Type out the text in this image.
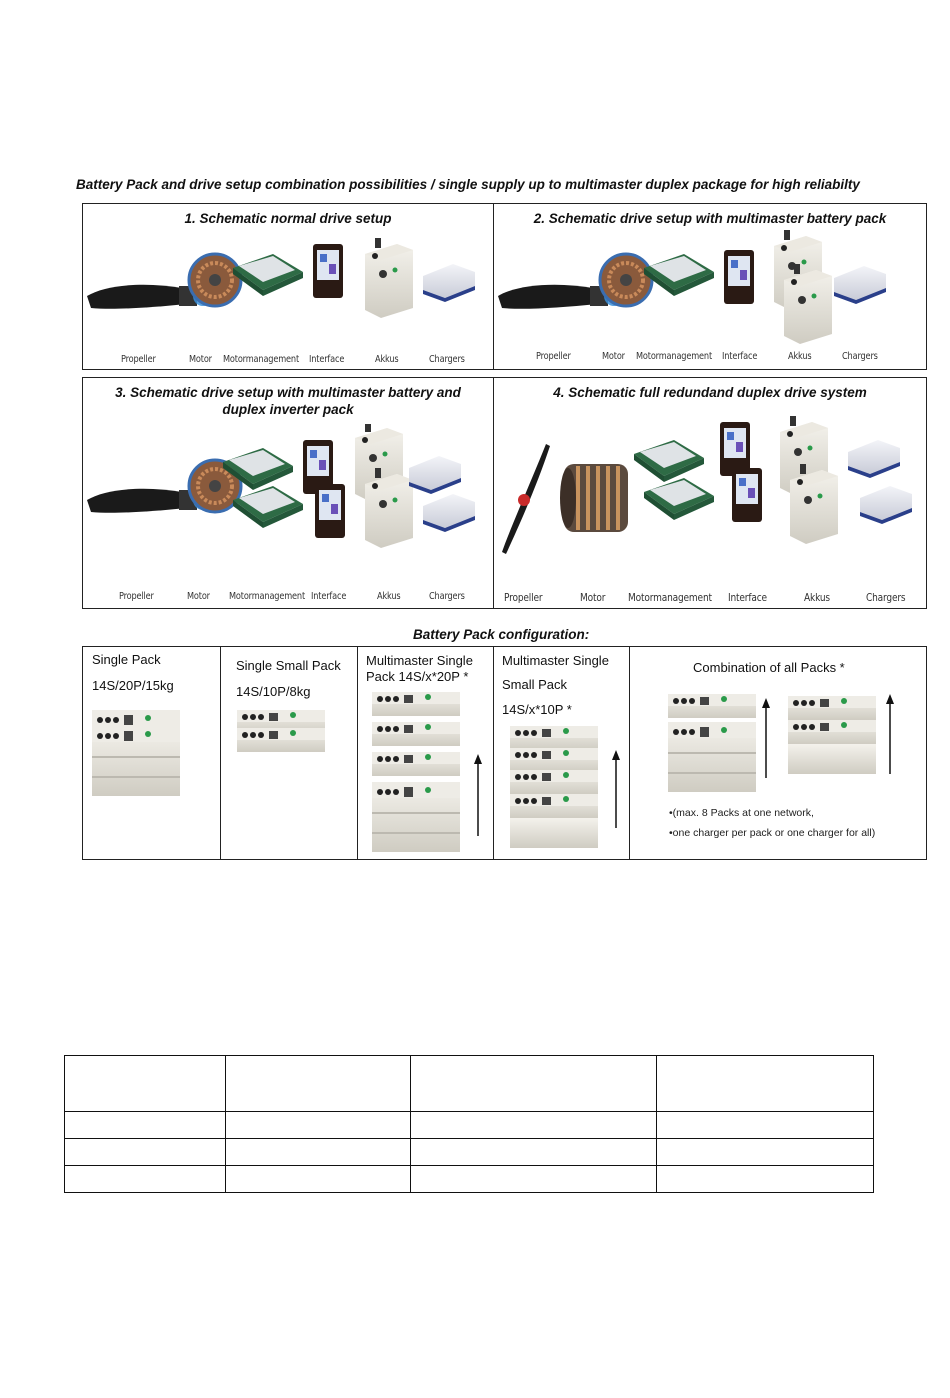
Battery Pack and drive setup combination possibilities / single supply up to multimaster duplex package for high reliabilty
1. Schematic normal drive setup
Propeller	Motor Motormanagement Interface	Akkus	Chargers
2. Schematic drive setup with multimaster battery pack
Propeller	Motor Motormanagement Interface	Akkus	Chargers
3. Schematic drive setup with multimaster battery and
duplex inverter pack
Propeller	Motor Motormanagement Interface	Akkus	Chargers
4. Schematic full redundand duplex drive system
Propeller	Motor Motormanagement Interface	Akkus	Chargers
Battery Pack configuration:
Single Pack
14S/20P/15kg
Single Small Pack
14S/10P/8kg
Multimaster Single
Pack 14S/x*20P *
Multimaster Single
Small Pack
14S/x*10P *
Combination of all Packs *
•(max. 8 Packs at one network,
•one charger per pack or one charger for all)
